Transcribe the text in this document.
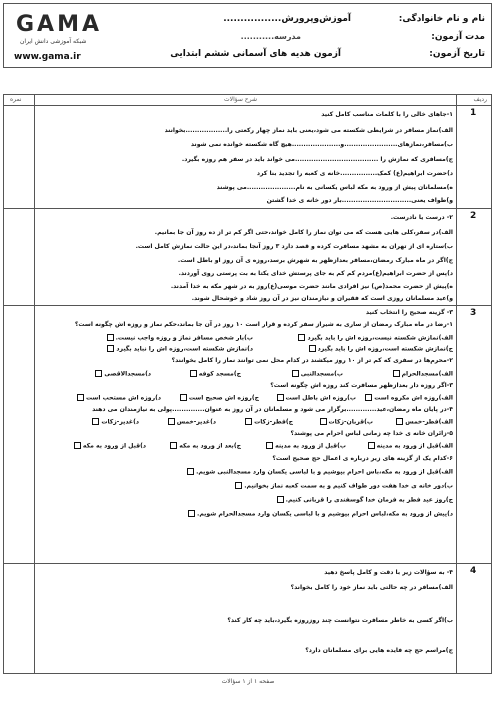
GAMA
شبکه آموزشی دانش ایران
www.gama.ir
نام و نام خانوادگی:
آموزش‌وپرورش.................
مدت آزمون:
مدرسه...........
تاریخ آزمون:
آزمون هدیه های آسمانی ششم ابتدایی
ردیف
شرح سؤالات
نمره
1
۱-جاهای خالی را با کلمات مناسب کامل کنید
الف)نماز مسافر در شرایطی شکسته می شود،یعنی باید نماز چهار رکعتی را..................بخوانند
ب)مسافر،نمازهای.......................و.....................هیچ گاه شکسته خوانده نمی شوند
ج)مسافری که نمازش را ....................................می خواند باید در سفر هم روزه بگیرد.
د)حضرت ابراهیم(ع) کمک................خانه ی کعبه را تجدید بنا کرد
ه)مسلمانان پیش از ورود به مکه لباس یکسانی به نام.....................می پوشند
و)طواف یعنی..............................بار دور خانه ی خدا گشتن
2
۲- درست یا نادرست.
الف)در سفر،کلی هایی هست که می توان نماز را کامل خواند،حتی اگر کم تر از ده روز آن جا بمانیم.
ب)ستاره ای از تهران به مشهد مسافرت کرده و قصد دارد ۳ روز آنجا بماند،در این حالت نمازش کامل است.
ج)اگر در ماه مبارک رمضان،مسافر بعدازظهر به شهرش برسد،روزه ی آن روز او باطل است.
د)پس از حضرت ابراهیم(ع)مردم کم کم به جای پرستش خدای یکتا به بت پرستی روی آوردند.
ه)پیش از حضرت محمد(ص) نیز افرادی مانند حضرت موسی(ع)روز به در شهر مکه به خدا آمدند.
و)عید مسلمانان روزی است که فقیران و نیازمندان نیز در آن روز شاد و خوشحال شوند.
3
۳- گزینه صحیح را انتخاب کنید
۱-رضا در ماه مبارک رمضان از ساری به شیراز سفر کرده و قرار است ۱۰ روز در آن جا بماند،حکم نماز و روزه اش چگونه است؟
الف)نمازش شکسته نیست،روزه اش را باید بگیرد
ب)بار شخص مسافر نماز و روزه واجب نیست.
ج)نمازش شکسته است،روزه اش را باید بگیرد
د)نمازش شکسته است،روزه اش را نباید بگیرد
۲-محرم‌ها در سفری که کم تر از ۱۰ روز میکشند در کدام محل نمی توانند نماز را کامل بخوانند؟
الف)مسجدالحرام
ب)مسجدالنبی
ج)مسجد کوفه
د)مسجدالاقصی
۳-اگر روزه دار بعدازظهر مسافرت کند روزه اش چگونه است؟
الف)روزه اش مکروه است
ب)روزه اش باطل است
ج)روزه اش صحیح است
د)روزه اش مستحب است
۴-در پایان ماه رمضان،عید.............برگزار می شود و مسلمانان در آن روز به عنوان..............پولی به نیازمندان می دهند
الف)فطر-خمس
ب)قربان-زکات
ج)فطر-زکات
د)غدیر-خمس
د)غدیر-زکات
۵-زائران خانه ی خدا چه زمانی لباس احرام می پوشند؟
الف)قبل از ورود به مدینه
ب)قبل از ورود به مدینه
ج)بعد از ورود به مکه
د)قبل از ورود به مکه
۶-کدام یک از گزینه های زیر درباره ی اعمال حج صحیح است؟
الف)قبل از ورود به مکه،باس احرام بپوشیم و با لباسی یکسان وارد مسجدالنبی شویم.
ب)دور خانه ی خدا هفت دور طواف کنیم و به سمت کعبه نماز بخوانیم.
ج)روز عید فطر به فرمان خدا گوسفندی را قربانی کنیم.
د)پیش از ورود به مکه،لباس احرام بپوشیم و با لباسی یکسان وارد مسجدالحرام شویم.
4
۴- به سؤالات زیر با دقت و کامل پاسخ دهید
الف)مسافر در چه حالتی باید نماز خود را کامل بخواند؟
ب)اگر کسی به خاطر مسافرت نتوانست چند روزروزه بگیرد،باید چه کار کند؟
ج)مراسم حج چه فایده هایی برای مسلمانان دارد؟
صفحه ۱ از ۱ سؤالات
